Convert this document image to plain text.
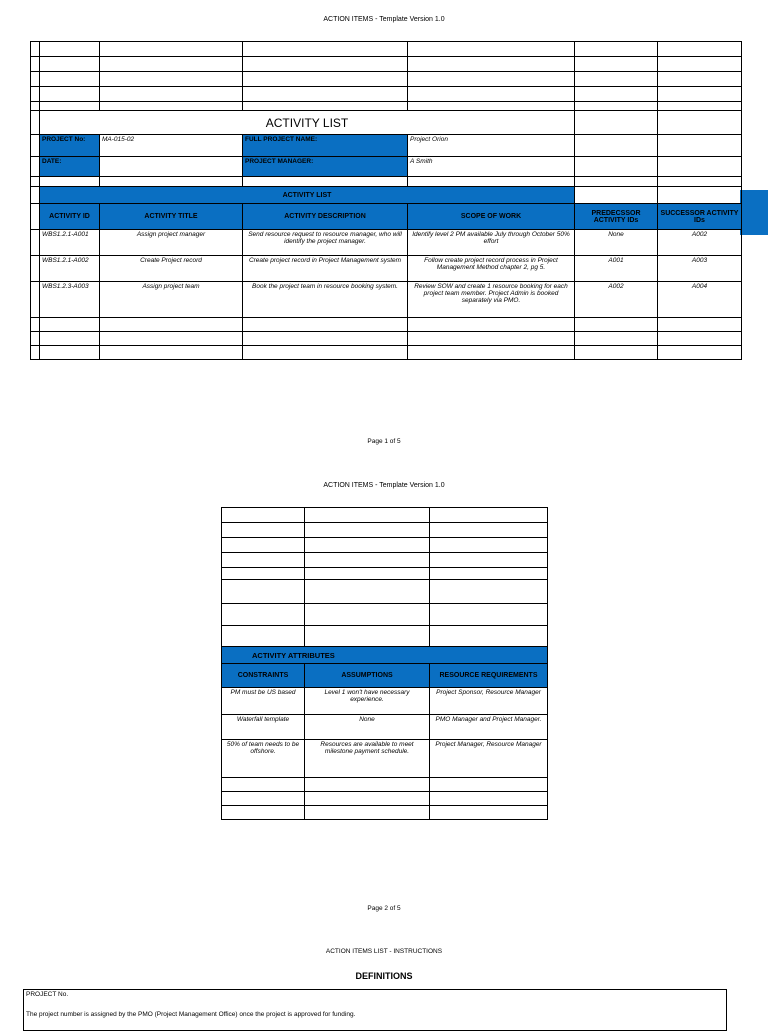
ACTION ITEMS - Template Version 1.0

	ACTIVITY LIST					
	PROJECT No:	MA-015-02	FULL PROJECT NAME:	Project Orion		
	DATE:		PROJECT MANAGER:	A Smith		

	ACTIVITY LIST					
	ACTIVITY ID	ACTIVITY TITLE	ACTIVITY DESCRIPTION	SCOPE OF WORK	PREDECSSOR ACTIVITY IDs	SUCCESSOR ACTIVITY IDs
	WBS1.2.1-A001	Assign project manager	Send resource request to resource manager, who will identify the project manager.	Identify level 2 PM available July through October 50% effort	None	A002
	WBS1.2.1-A002	Create Project record	Create project record in Project Management system	Follow create project record process in Project Management Method chapter 2, pg 5.	A001	A003
	WBS1.2.3-A003	Assign project team	Book the project team in resource booking system.	Review SOW and create 1 resource booking for each project team member. Project Admin is booked separately via PMO.	A002	A004

Page 1 of 5
ACTION ITEMS - Template Version 1.0

ACTIVITY ATTRIBUTES		
CONSTRAINTS	ASSUMPTIONS	RESOURCE REQUIREMENTS
PM must be US based	Level 1 won't have necessary experience.	Project Sponsor, Resource Manager
Waterfall template	None	PMO Manager and Project Manager.
50% of team needs to be offshore.	Resources are available to meet milestone payment schedule.	Project Manager, Resource Manager

Page 2 of 5
ACTION ITEMS LIST - INSTRUCTIONS
DEFINITIONS
PROJECT No.
The project number is assigned by the PMO (Project Management Office) once the project is approved for funding.
